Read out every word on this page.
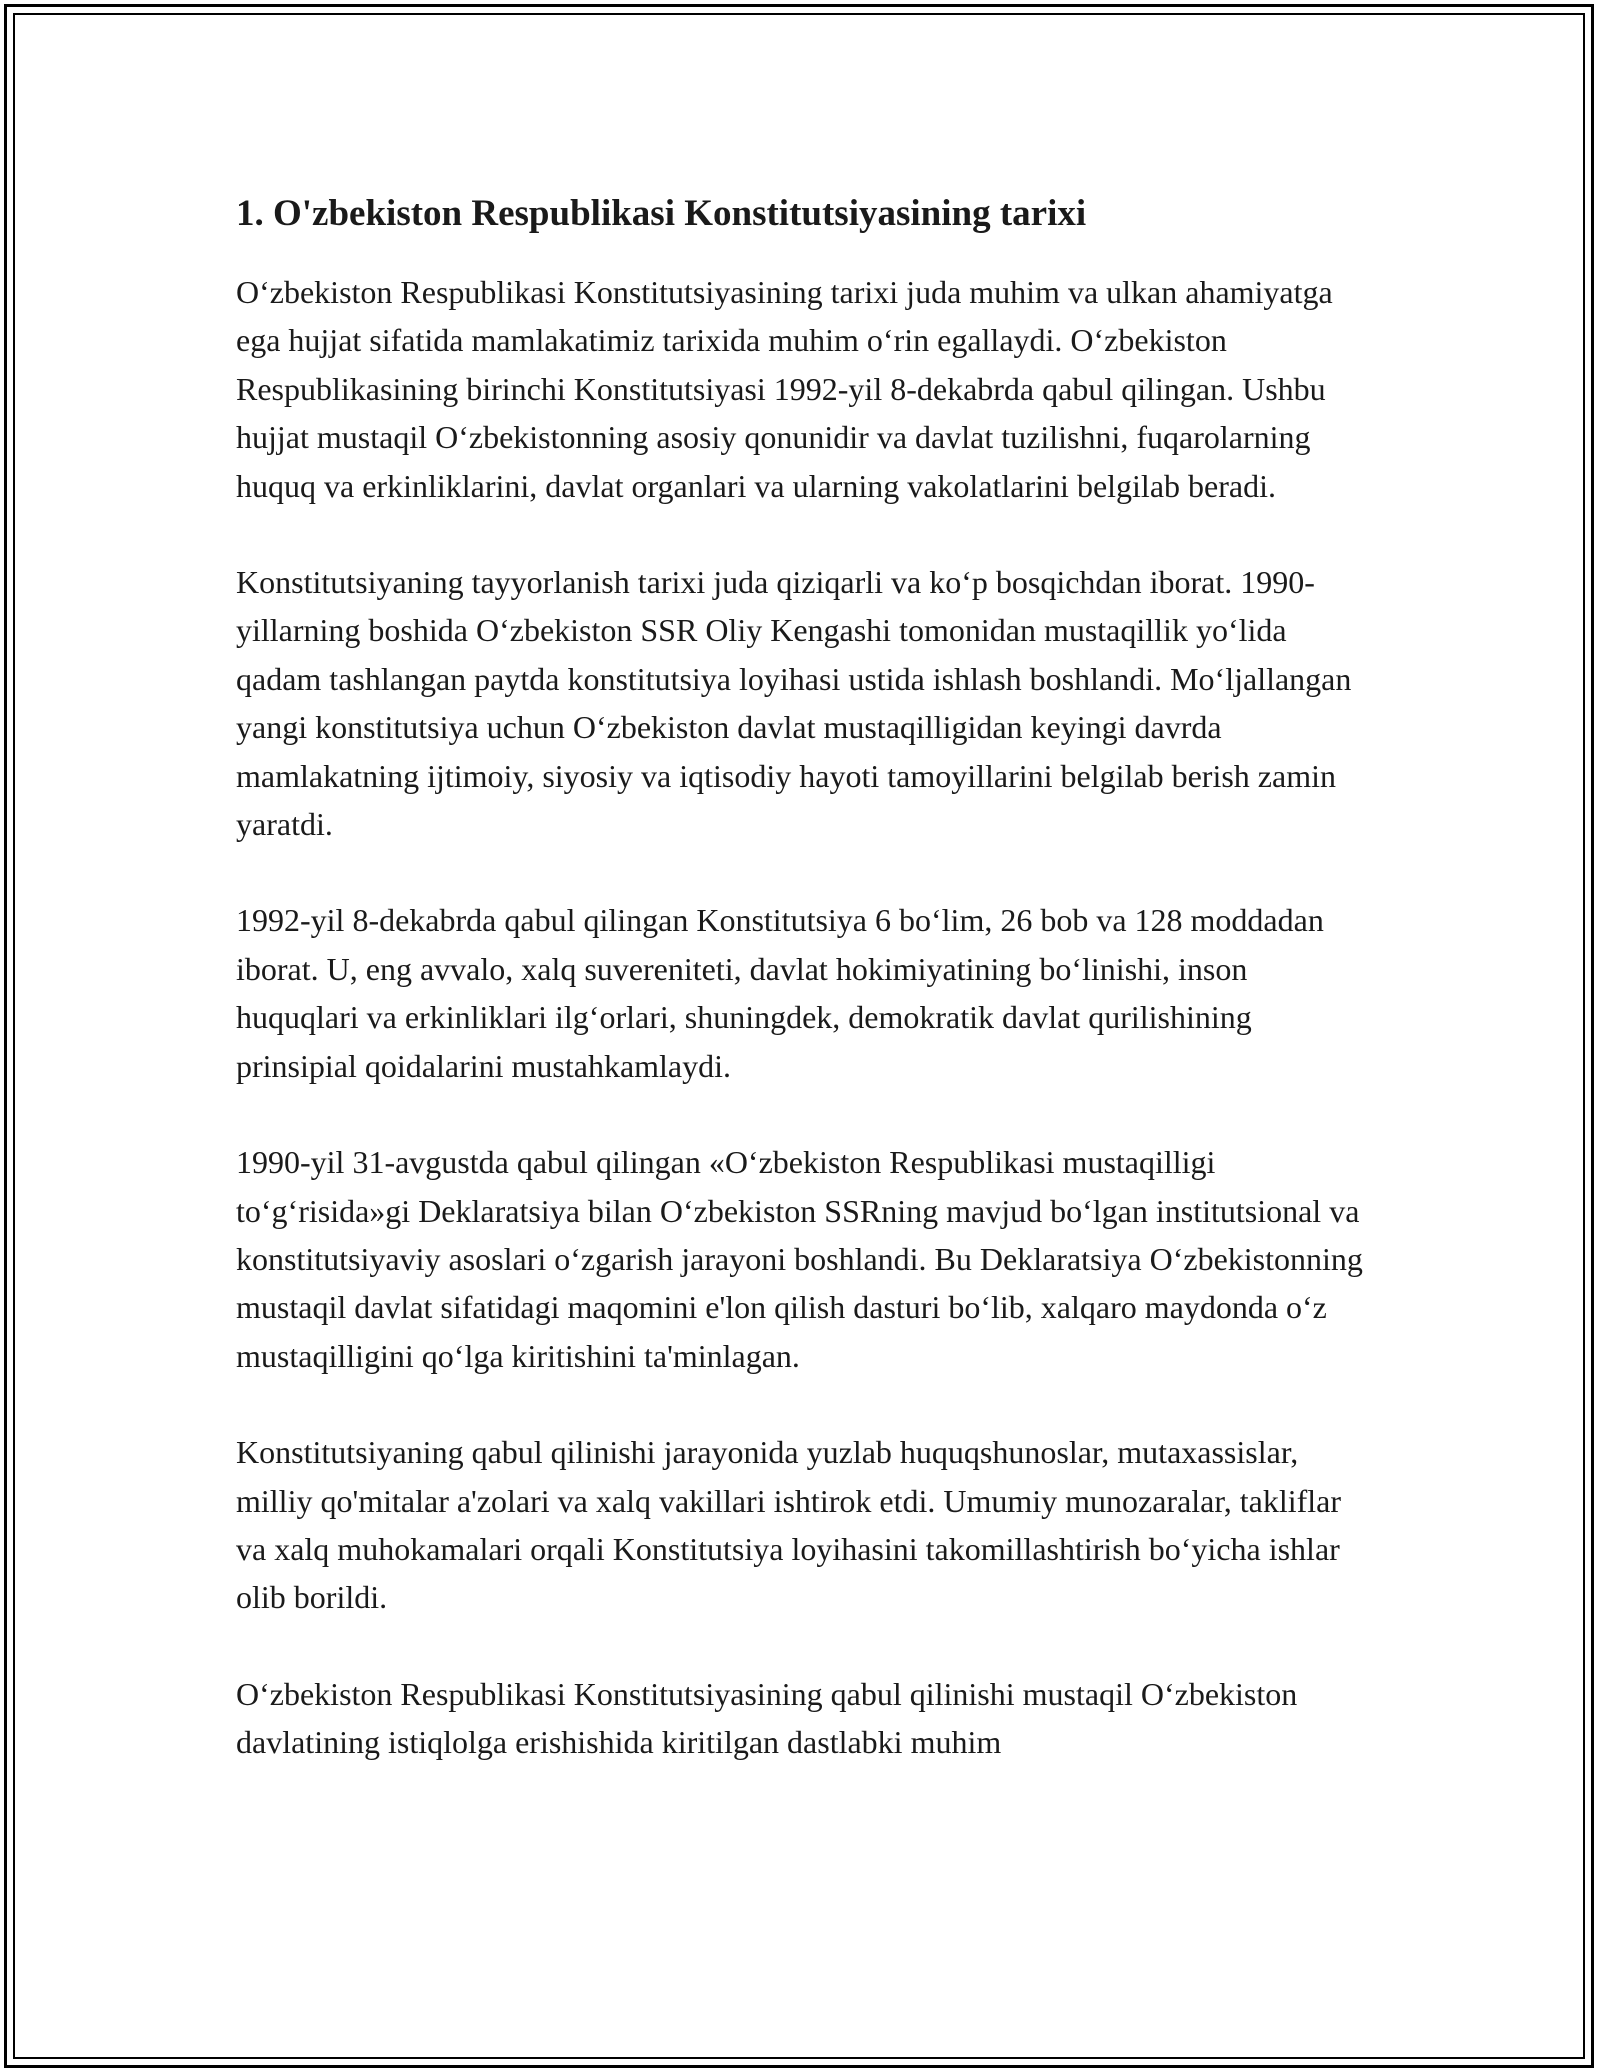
1. O'zbekiston Respublikasi Konstitutsiyasining tarixi

O‘zbekiston Respublikasi Konstitutsiyasining tarixi juda muhim va ulkan ahamiyatga ega hujjat sifatida mamlakatimiz tarixida muhim o‘rin egallaydi. O‘zbekiston Respublikasining birinchi Konstitutsiyasi 1992-yil 8-dekabrda qabul qilingan. Ushbu hujjat mustaqil O‘zbekistonning asosiy qonunidir va davlat tuzilishni, fuqarolarning huquq va erkinliklarini, davlat organlari va ularning vakolatlarini belgilab beradi.

Konstitutsiyaning tayyorlanish tarixi juda qiziqarli va ko‘p bosqichdan iborat. 1990-yillarning boshida O‘zbekiston SSR Oliy Kengashi tomonidan mustaqillik yo‘lida qadam tashlangan paytda konstitutsiya loyihasi ustida ishlash boshlandi. Mo‘ljallangan yangi konstitutsiya uchun O‘zbekiston davlat mustaqilligidan keyingi davrda mamlakatning ijtimoiy, siyosiy va iqtisodiy hayoti tamoyillarini belgilab berish zamin yaratdi.

1992-yil 8-dekabrda qabul qilingan Konstitutsiya 6 bo‘lim, 26 bob va 128 moddadan iborat. U, eng avvalo, xalq suvereniteti, davlat hokimiyatining bo‘linishi, inson huquqlari va erkinliklari ilg‘orlari, shuningdek, demokratik davlat qurilishining prinsipial qoidalarini mustahkamlaydi.

1990-yil 31-avgustda qabul qilingan «O‘zbekiston Respublikasi mustaqilligi to‘g‘risida»gi Deklaratsiya bilan O‘zbekiston SSRning mavjud bo‘lgan institutsional va konstitutsiyaviy asoslari o‘zgarish jarayoni boshlandi. Bu Deklaratsiya O‘zbekistonning mustaqil davlat sifatidagi maqomini e'lon qilish dasturi bo‘lib, xalqaro maydonda o‘z mustaqilligini qo‘lga kiritishini ta'minlagan.

Konstitutsiyaning qabul qilinishi jarayonida yuzlab huquqshunoslar, mutaxassislar, milliy qo'mitalar a'zolari va xalq vakillari ishtirok etdi. Umumiy munozaralar, takliflar va xalq muhokamalari orqali Konstitutsiya loyihasini takomillashtirish bo‘yicha ishlar olib borildi.

O‘zbekiston Respublikasi Konstitutsiyasining qabul qilinishi mustaqil O‘zbekiston davlatining istiqlolga erishishida kiritilgan dastlabki muhim
